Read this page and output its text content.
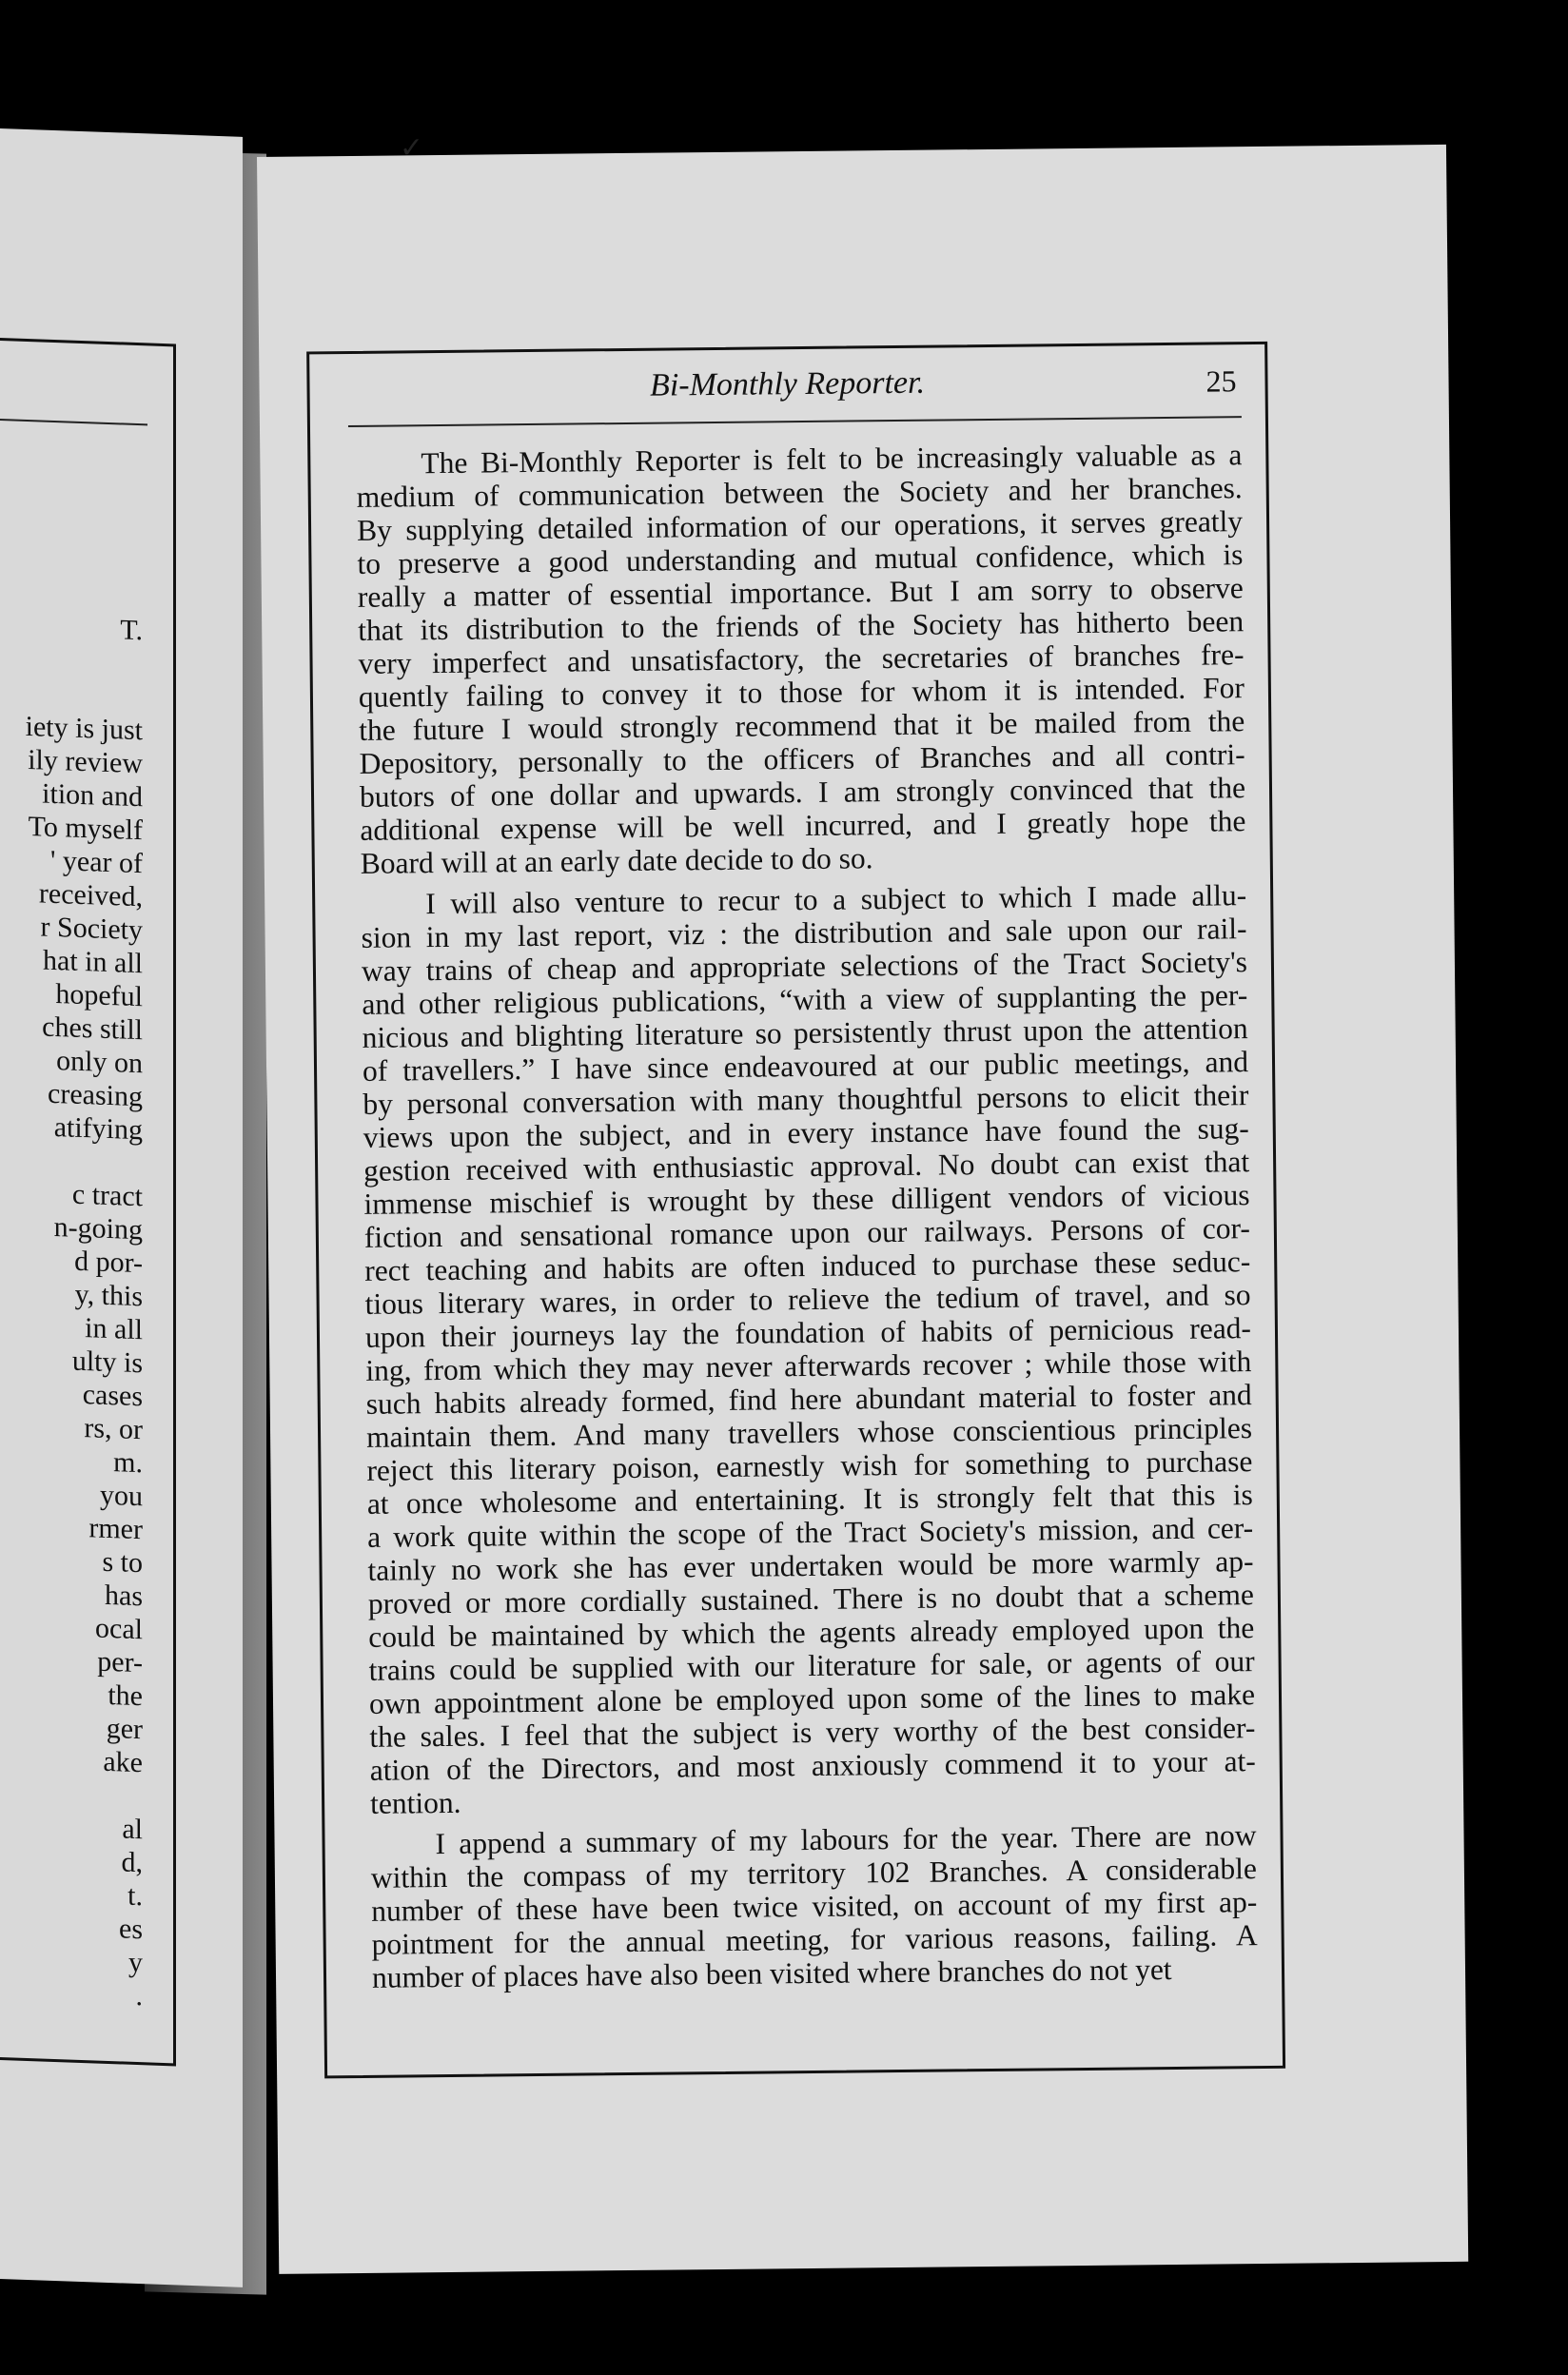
T.
iety is just
ily review
ition and
To myself
' year of
received,
r Society
hat in all
hopeful
ches still
only on
creasing
atifying
c tract
n-going
d por-
y, this
in all
ulty is
cases
rs, or
m.
you
rmer
s to
has
ocal
per-
the
ger
ake
al
d,
t.
es
y
.
✓
Bi-Monthly Reporter.	25
The Bi-Monthly Reporter is felt to be increasingly valuable as a
medium of communication between the Society and her branches.
By supplying detailed information of our operations, it serves greatly
to preserve a good understanding and mutual confidence, which is
really a matter of essential importance. But I am sorry to observe
that its distribution to the friends of the Society has hitherto been
very imperfect and unsatisfactory, the secretaries of branches fre-
quently failing to convey it to those for whom it is intended. For
the future I would strongly recommend that it be mailed from the
Depository, personally to the officers of Branches and all contri-
butors of one dollar and upwards. I am strongly convinced that the
additional expense will be well incurred, and I greatly hope the
Board will at an early date decide to do so.
I will also venture to recur to a subject to which I made allu-
sion in my last report, viz : the distribution and sale upon our rail-
way trains of cheap and appropriate selections of the Tract Society's
and other religious publications, “with a view of supplanting the per-
nicious and blighting literature so persistently thrust upon the attention
of travellers.” I have since endeavoured at our public meetings, and
by personal conversation with many thoughtful persons to elicit their
views upon the subject, and in every instance have found the sug-
gestion received with enthusiastic approval. No doubt can exist that
immense mischief is wrought by these dilligent vendors of vicious
fiction and sensational romance upon our railways. Persons of cor-
rect teaching and habits are often induced to purchase these seduc-
tious literary wares, in order to relieve the tedium of travel, and so
upon their journeys lay the foundation of habits of pernicious read-
ing, from which they may never afterwards recover ; while those with
such habits already formed, find here abundant material to foster and
maintain them. And many travellers whose conscientious principles
reject this literary poison, earnestly wish for something to purchase
at once wholesome and entertaining. It is strongly felt that this is
a work quite within the scope of the Tract Society's mission, and cer-
tainly no work she has ever undertaken would be more warmly ap-
proved or more cordially sustained. There is no doubt that a scheme
could be maintained by which the agents already employed upon the
trains could be supplied with our literature for sale, or agents of our
own appointment alone be employed upon some of the lines to make
the sales. I feel that the subject is very worthy of the best consider-
ation of the Directors, and most anxiously commend it to your at-
tention.
I append a summary of my labours for the year. There are now
within the compass of my territory 102 Branches. A considerable
number of these have been twice visited, on account of my first ap-
pointment for the annual meeting, for various reasons, failing. A
number of places have also been visited where branches do not yet
